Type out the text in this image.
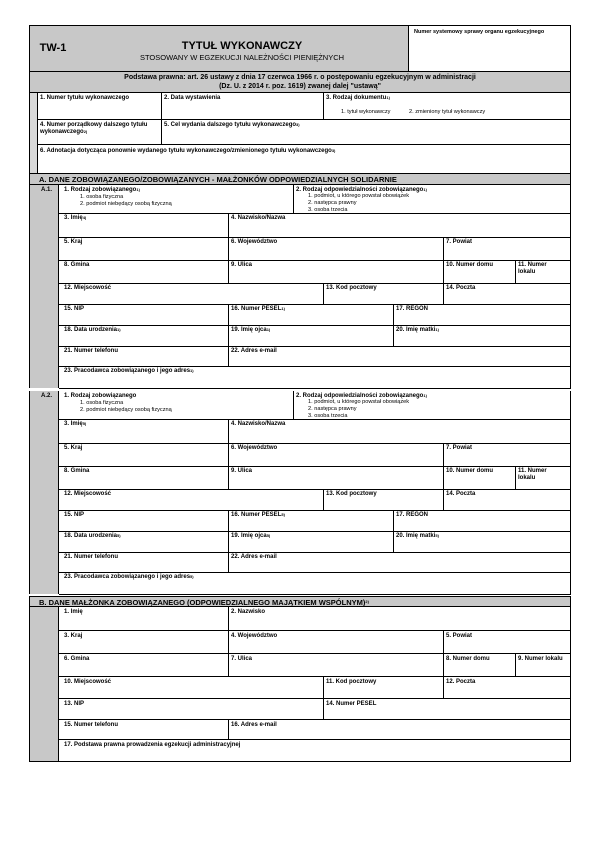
TW-1	TYTUŁ WYKONAWCZY
STOSOWANY W EGZEKUCJI NALEŻNOŚCI PIENIĘŻNYCH
Numer systemowy sprawy organu egzekucyjnego
Podstawa prawna: art. 26 ustawy z dnia 17 czerwca 1966 r. o postępowaniu egzekucyjnym w administracji
(Dz. U. z 2014 r. poz. 1619) zwanej dalej "ustawą"
1. Numer tytułu wykonawczego	2. Data wystawienia	3. Rodzaj dokumentu$^{1)}$
1. tytuł wykonawczy	2. zmieniony tytuł wykonawczy
4. Numer porządkowy dalszego tytułu wykonawczego$^{2)}$
5. Cel wydania dalszego tytułu wykonawczego$^{3)}$
6. Adnotacja dotycząca ponownie wydanego tytułu wykonawczego/zmienionego tytułu wykonawczego$^{3)}$
A. DANE ZOBOWIĄZANEGO/ZOBOWIĄZANYCH - MAŁŻONKÓW ODPOWIEDZIALNYCH SOLIDARNIE
A.1. 1. Rodzaj zobowiązanego$^{1)}$
1. osoba fizyczna
2. podmiot niebędący osobą fizyczną
2. Rodzaj odpowiedzialności zobowiązanego$^{1)}$
1. podmiot, u którego powstał obowiązek
2. następca prawny
3. osoba trzecia
3. Imię$^{4)}$	4. Nazwisko/Nazwa
5. Kraj	6. Województwo	7. Powiat
8. Gmina	9. Ulica	10. Numer domu	11. Numer lokalu
12. Miejscowość	13. Kod pocztowy	14. Poczta
15. NIP	16. Numer PESEL$^{1)}$	17. REGON
18. Data urodzenia$^{1)}$	19. Imię ojca$^{1)}$	20. Imię matki$^{1)}$
21. Numer telefonu	22. Adres e-mail
23. Pracodawca zobowiązanego i jego adres$^{1)}$
A.2. 1. Rodzaj zobowiązanego
1. osoba fizyczna
2. podmiot niebędący osobą fizyczną
2. Rodzaj odpowiedzialności zobowiązanego$^{1)}$
1. podmiot, u którego powstał obowiązek
2. następca prawny
3. osoba trzecia
3. Imię$^{5)}$	4. Nazwisko/Nazwa
5. Kraj	6. Województwo	7. Powiat
8. Gmina	9. Ulica	10. Numer domu	11. Numer lokalu
12. Miejscowość	13. Kod pocztowy	14. Poczta
15. NIP	16. Numer PESEL$^{5)}$	17. REGON
18. Data urodzenia$^{5)}$	19. Imię ojca$^{5)}$	20. Imię matki$^{5)}$
21. Numer telefonu	22. Adres e-mail
23. Pracodawca zobowiązanego i jego adres$^{5)}$
B. DANE MAŁŻONKA ZOBOWIĄZANEGO (ODPOWIEDZIALNEGO MAJĄTKIEM WSPÓLNYM)$^{2)}$
1. Imię	2. Nazwisko
3. Kraj	4. Województwo	5. Powiat
6. Gmina	7. Ulica	8. Numer domu	9. Numer lokalu
10. Miejscowość	11. Kod pocztowy	12. Poczta
13. NIP	14. Numer PESEL
15. Numer telefonu	16. Adres e-mail
17. Podstawa prawna prowadzenia egzekucji administracyjnej
